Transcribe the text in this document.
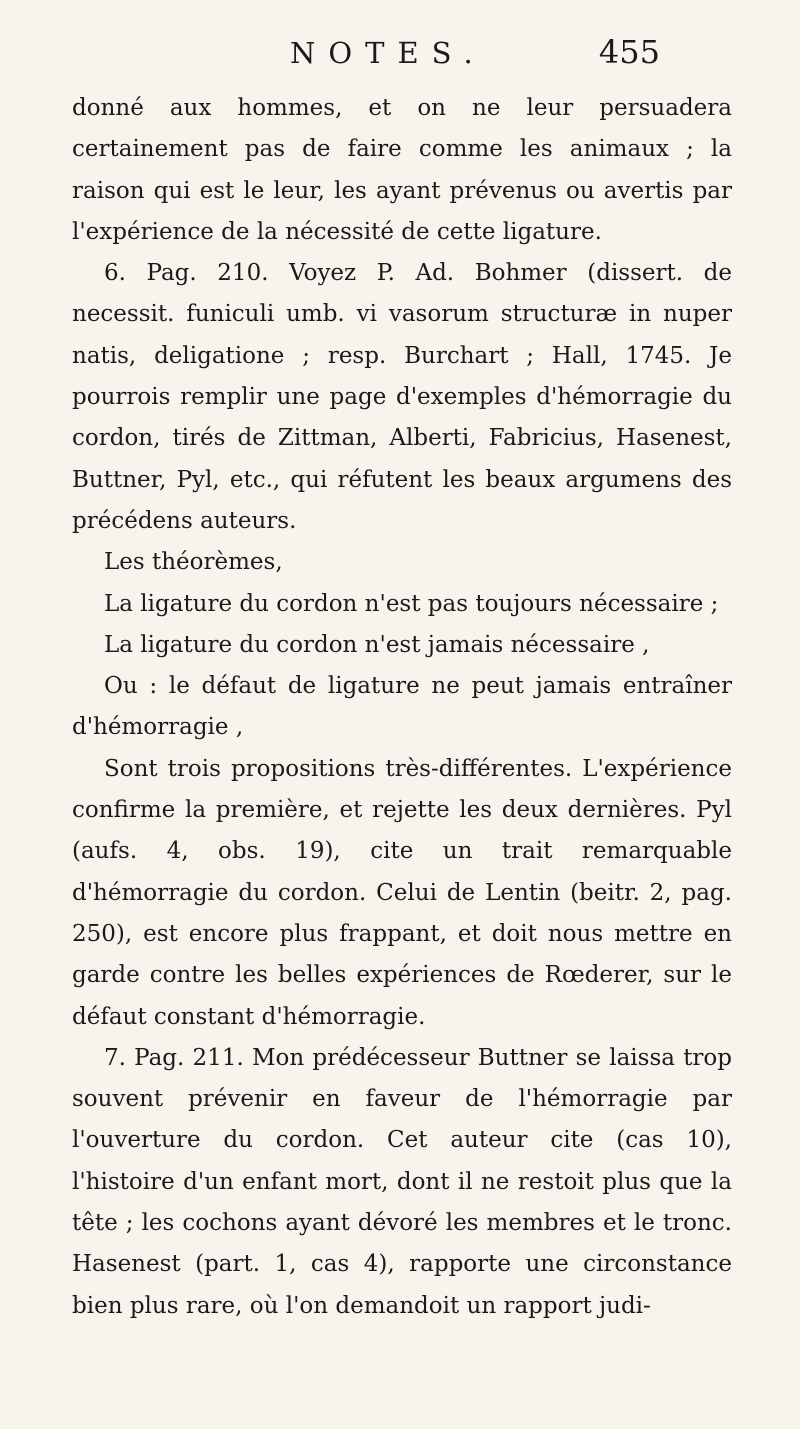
NOTES.	455

donné aux hommes, et on ne leur persuadera certainement pas de faire comme les animaux ; la raison qui est le leur, les ayant prévenus ou avertis par l'expérience de la nécessité de cette ligature.

6. Pag. 210. Voyez P. Ad. Bohmer (dissert. de necessit. funiculi umb. vi vasorum structuræ in nuper natis, deligatione ; resp. Burchart ; Hall, 1745. Je pourrois remplir une page d'exemples d'hémorragie du cordon, tirés de Zittman, Alberti, Fabricius, Hasenest, Buttner, Pyl, etc., qui réfutent les beaux argumens des précédens auteurs.

Les théorèmes,

La ligature du cordon n'est pas toujours nécessaire ;

La ligature du cordon n'est jamais nécessaire ,

Ou : le défaut de ligature ne peut jamais entraîner d'hémorragie ,

Sont trois propositions très-différentes. L'expérience confirme la première, et rejette les deux dernières. Pyl (aufs. 4, obs. 19), cite un trait remarquable d'hémorragie du cordon. Celui de Lentin (beitr. 2, pag. 250), est encore plus frappant, et doit nous mettre en garde contre les belles expériences de Rœderer, sur le défaut constant d'hémorragie.

7. Pag. 211. Mon prédécesseur Buttner se laissa trop souvent prévenir en faveur de l'hémorragie par l'ouverture du cordon. Cet auteur cite (cas 10), l'histoire d'un enfant mort, dont il ne restoit plus que la tête ; les cochons ayant dévoré les membres et le tronc. Hasenest (part. 1, cas 4), rapporte une circonstance bien plus rare, où l'on demandoit un rapport judi-
